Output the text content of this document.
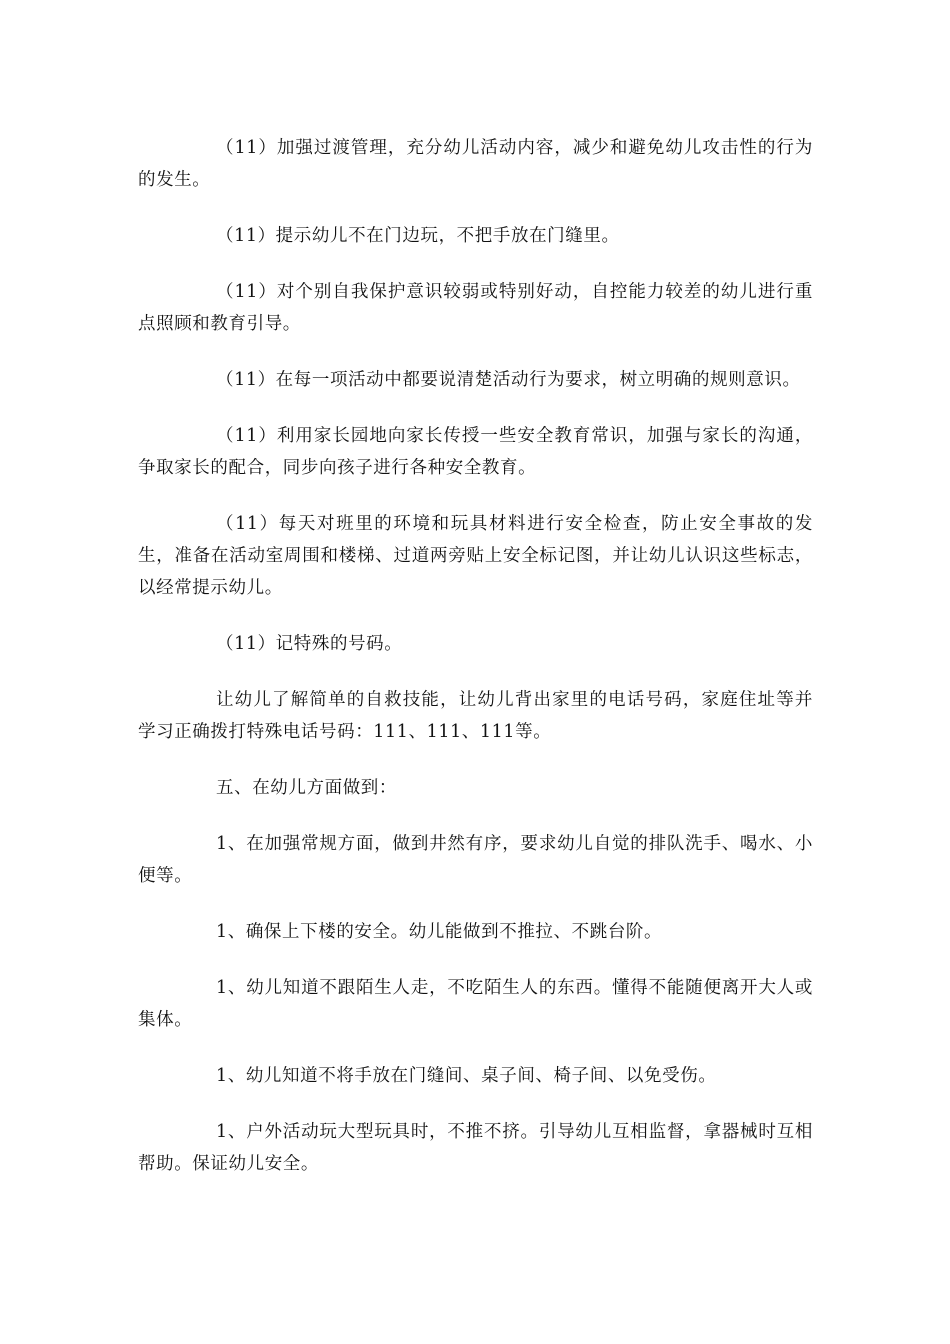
（11）加强过渡管理，充分幼儿活动内容，减少和避免幼儿攻击性的行为的发生。

（11）提示幼儿不在门边玩，不把手放在门缝里。

（11）对个别自我保护意识较弱或特别好动，自控能力较差的幼儿进行重点照顾和教育引导。

（11）在每一项活动中都要说清楚活动行为要求，树立明确的规则意识。

（11）利用家长园地向家长传授一些安全教育常识，加强与家长的沟通，争取家长的配合，同步向孩子进行各种安全教育。

（11）每天对班里的环境和玩具材料进行安全检查，防止安全事故的发生，准备在活动室周围和楼梯、过道两旁贴上安全标记图，并让幼儿认识这些标志，以经常提示幼儿。

（11）记特殊的号码。

让幼儿了解简单的自救技能，让幼儿背出家里的电话号码，家庭住址等并学习正确拨打特殊电话号码：111、111、111等。

五、在幼儿方面做到：

1、在加强常规方面，做到井然有序，要求幼儿自觉的排队洗手、喝水、小便等。

1、确保上下楼的安全。幼儿能做到不推拉、不跳台阶。

1、幼儿知道不跟陌生人走，不吃陌生人的东西。懂得不能随便离开大人或集体。

1、幼儿知道不将手放在门缝间、桌子间、椅子间、以免受伤。

1、户外活动玩大型玩具时，不推不挤。引导幼儿互相监督，拿器械时互相帮助。保证幼儿安全。
